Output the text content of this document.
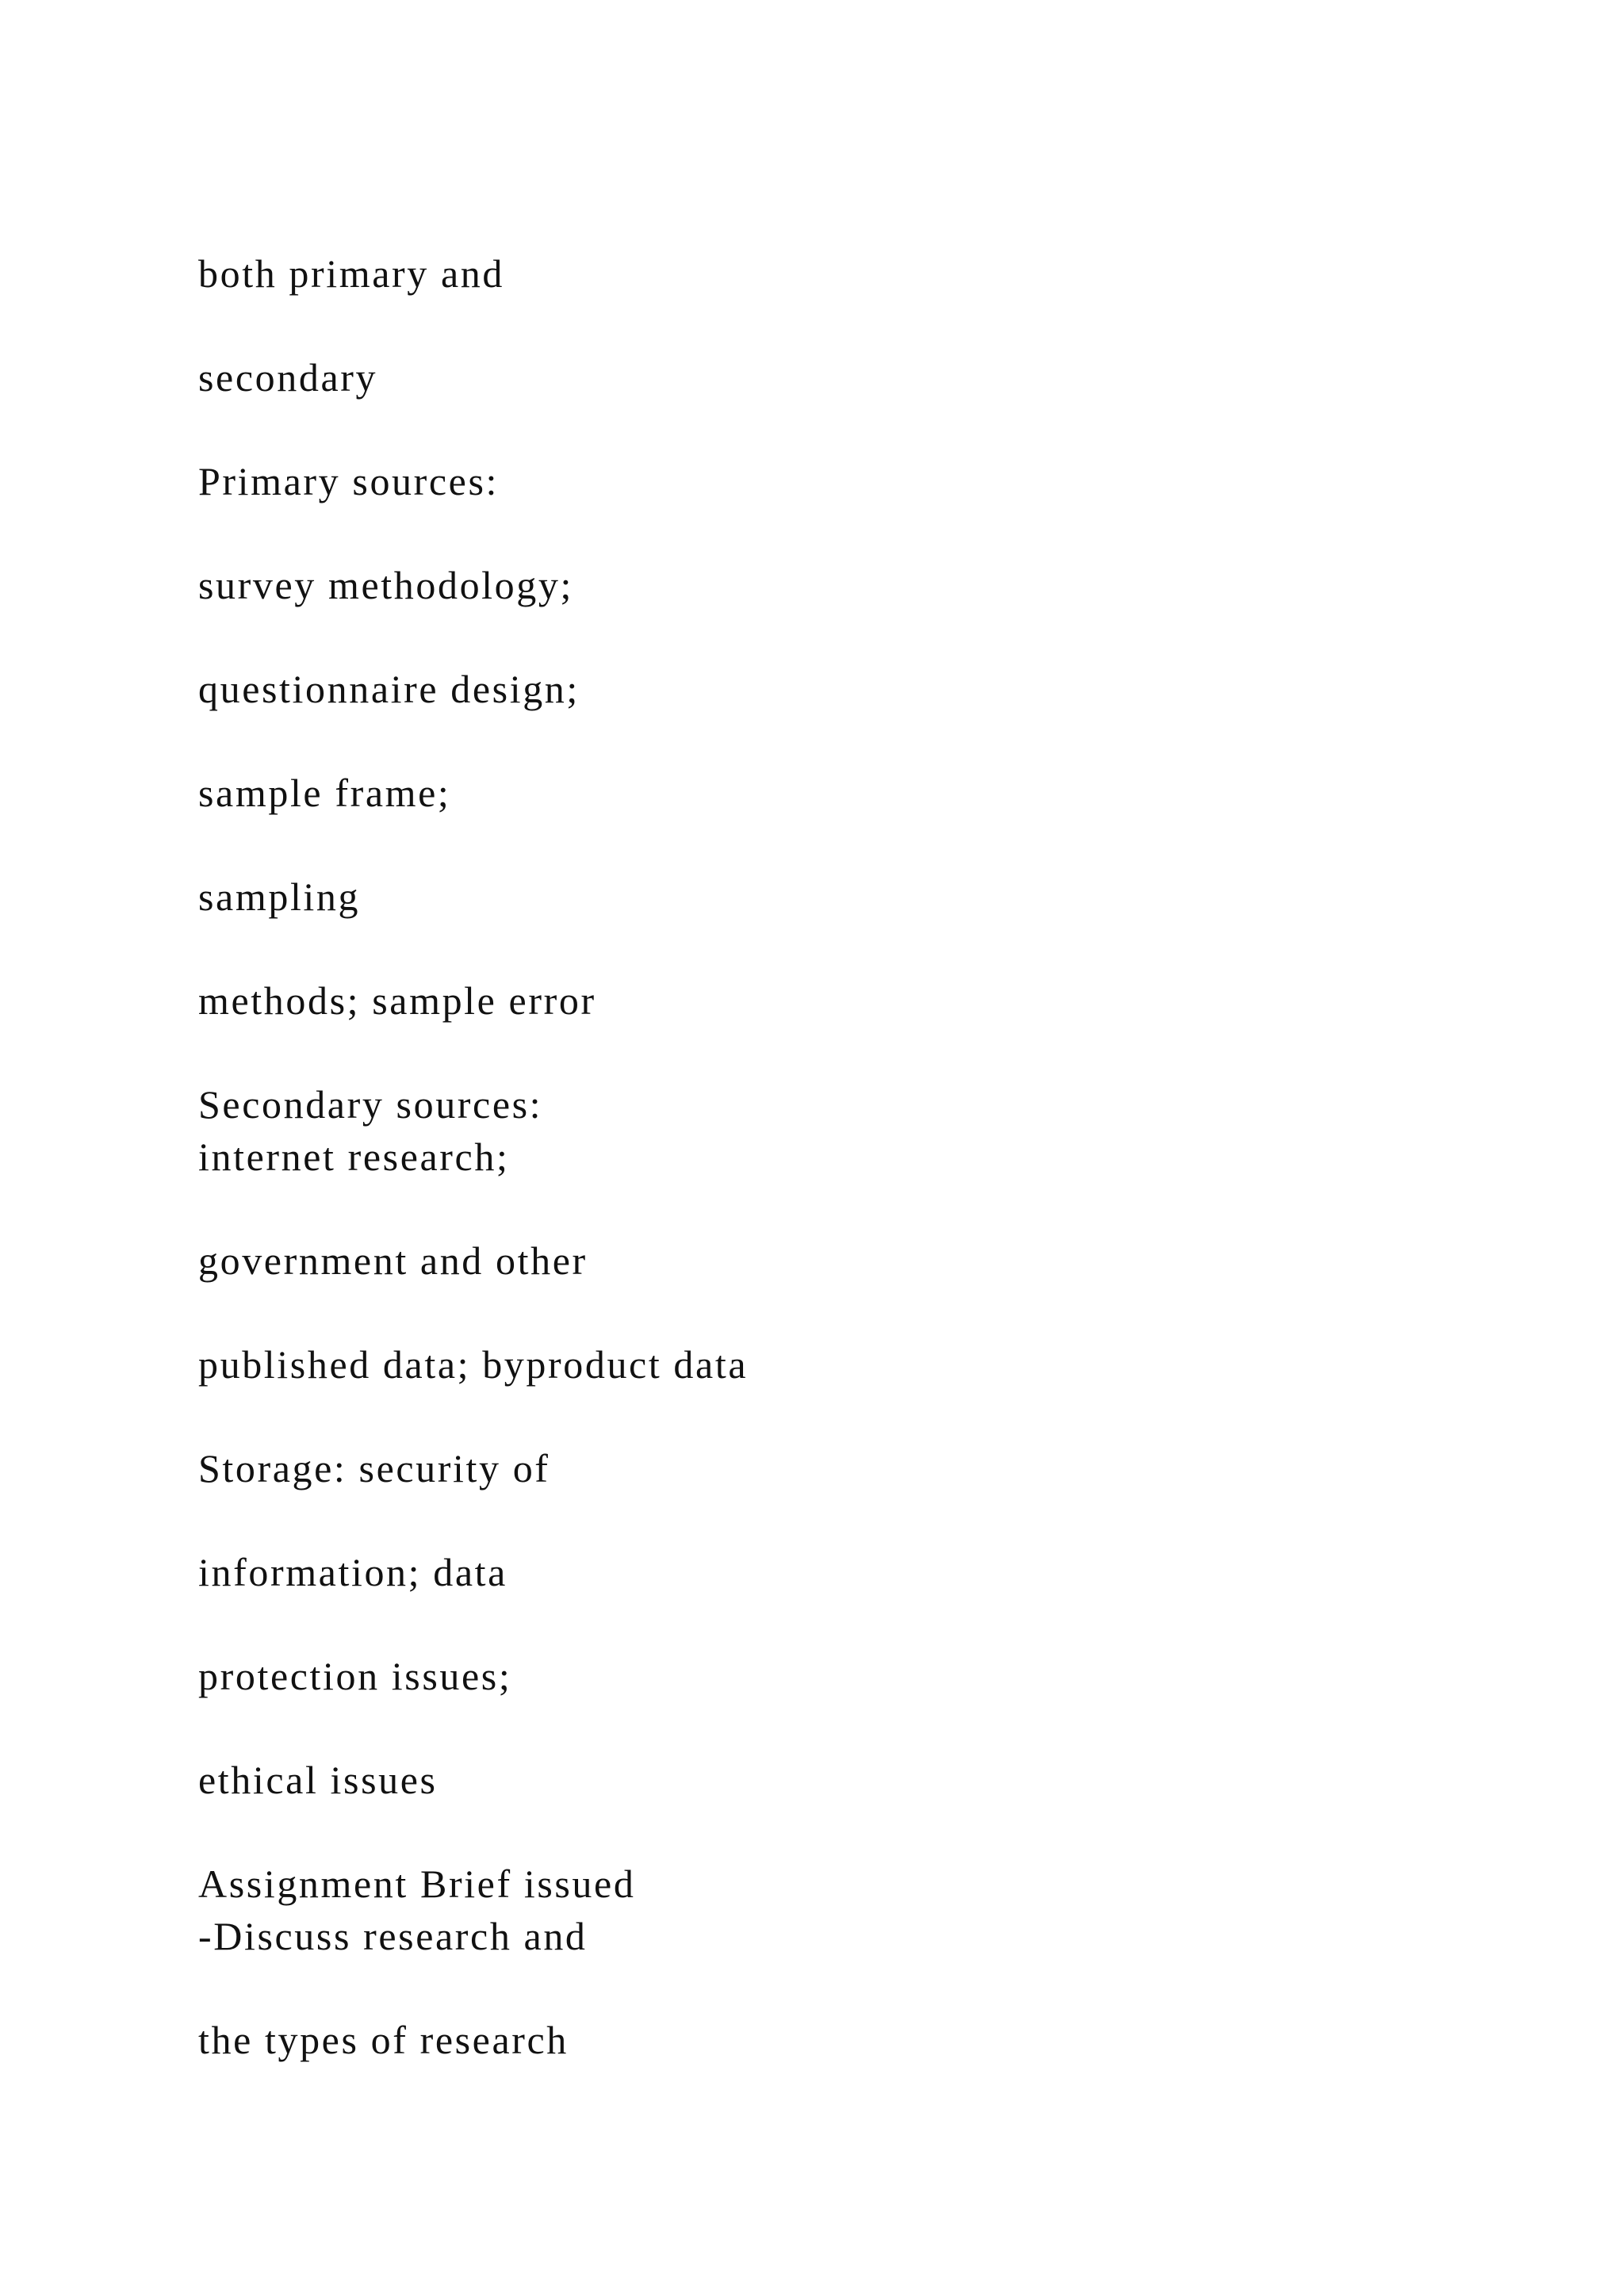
both primary and
secondary
Primary sources:
survey methodology;
questionnaire design;
sample frame;
sampling
methods; sample error
Secondary sources:
internet research;
government and other
published data; byproduct data
Storage: security of
information; data
protection issues;
ethical issues
Assignment Brief issued
-Discuss research and
the types of research
